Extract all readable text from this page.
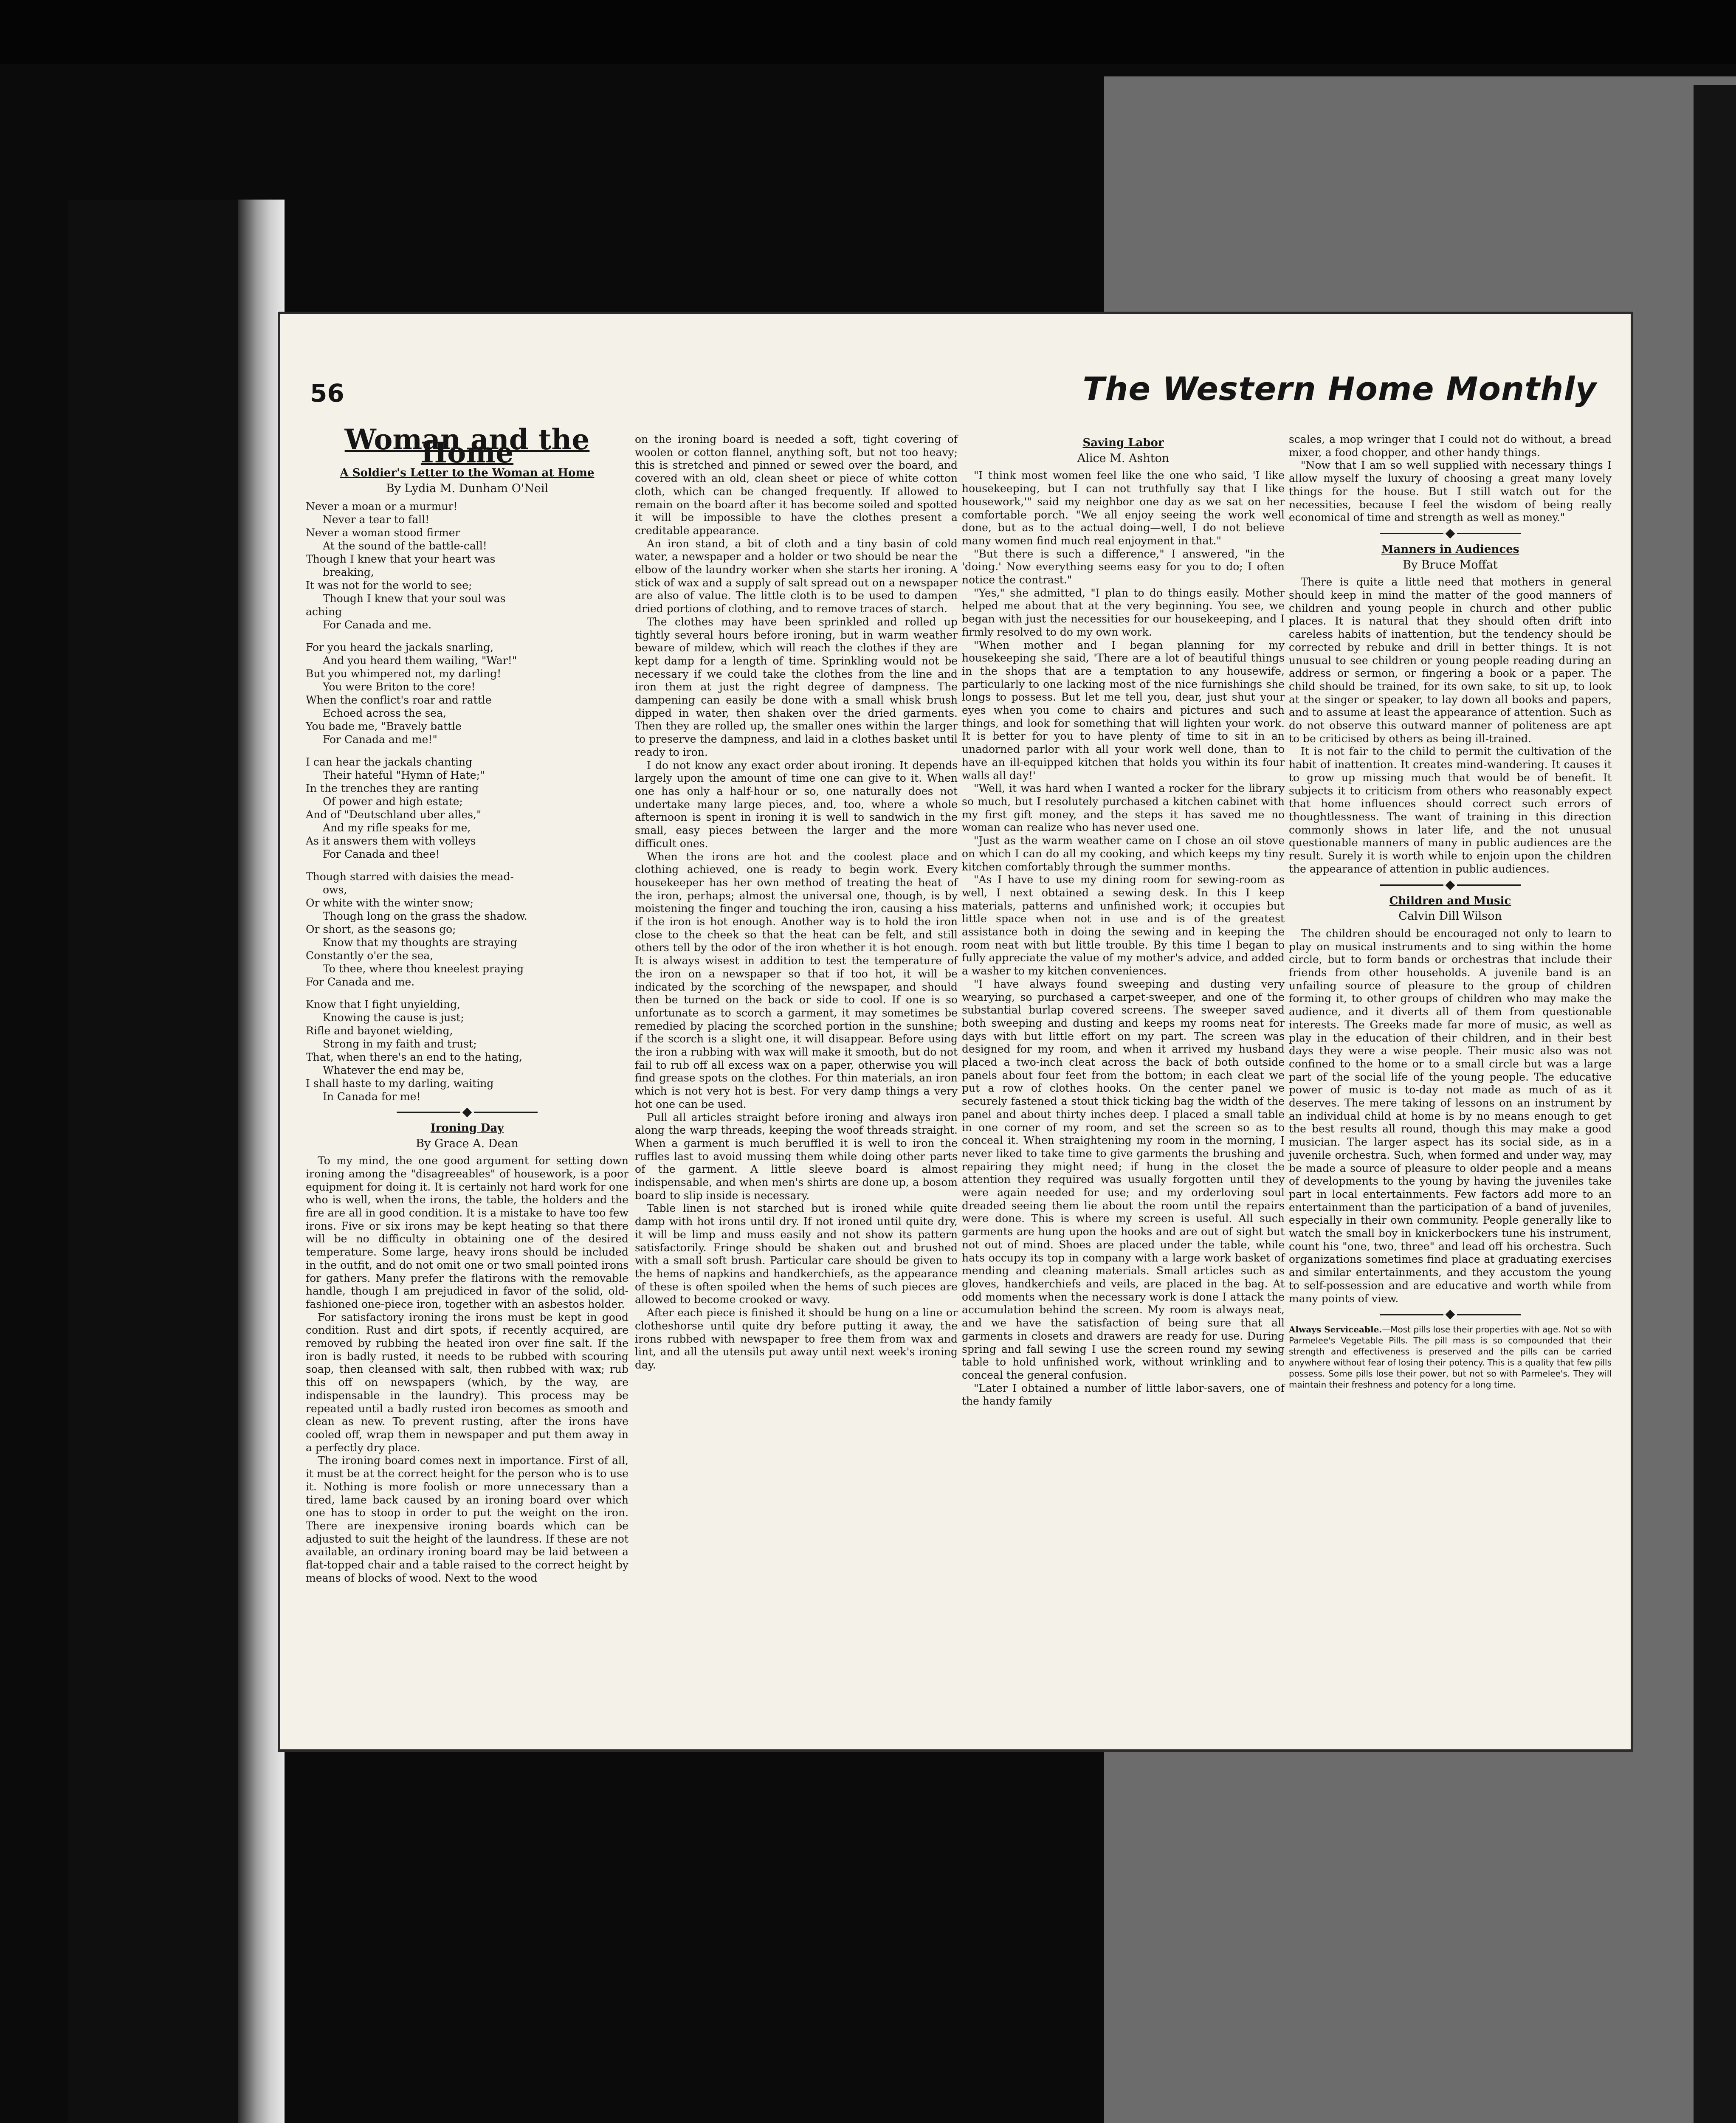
56	The Western Home Monthly
Woman and the Home
A Soldier's Letter to the Woman at Home
By Lydia M. Dunham O'Neil
Never a moan or a murmur!
Never a tear to fall!
Never a woman stood firmer
At the sound of the battle-call!
Though I knew that your heart was
breaking,
It was not for the world to see;
Though I knew that your soul was
aching
For Canada and me.
For you heard the jackals snarling,
And you heard them wailing, "War!"
But you whimpered not, my darling!
You were Briton to the core!
When the conflict's roar and rattle
Echoed across the sea,
You bade me, "Bravely battle
For Canada and me!"
I can hear the jackals chanting
Their hateful "Hymn of Hate;"
In the trenches they are ranting
Of power and high estate;
And of "Deutschland uber alles,"
And my rifle speaks for me,
As it answers them with volleys
For Canada and thee!
Though starred with daisies the mead-
ows,
Or white with the winter snow;
Though long on the grass the shadow.
Or short, as the seasons go;
Know that my thoughts are straying
Constantly o'er the sea,
To thee, where thou kneelest praying
For Canada and me.
Know that I fight unyielding,
Knowing the cause is just;
Rifle and bayonet wielding,
Strong in my faith and trust;
That, when there's an end to the hating,
Whatever the end may be,
I shall haste to my darling, waiting
In Canada for me!
Ironing Day
By Grace A. Dean

To my mind, the one good argument for setting down ironing among the "disagreeables" of housework, is a poor equipment for doing it. It is certainly not hard work for one who is well, when the irons, the table, the holders and the fire are all in good condition. It is a mistake to have too few irons. Five or six irons may be kept heating so that there will be no difficulty in obtaining one of the desired temperature. Some large, heavy irons should be included in the outfit, and do not omit one or two small pointed irons for gathers. Many prefer the flatirons with the removable handle, though I am prejudiced in favor of the solid, old-fashioned one-piece iron, together with an asbestos holder.

For satisfactory ironing the irons must be kept in good condition. Rust and dirt spots, if recently acquired, are removed by rubbing the heated iron over fine salt. If the iron is badly rusted, it needs to be rubbed with scouring soap, then cleansed with salt, then rubbed with wax; rub this off on newspapers (which, by the way, are indispensable in the laundry). This process may be repeated until a badly rusted iron becomes as smooth and clean as new. To prevent rusting, after the irons have cooled off, wrap them in newspaper and put them away in a perfectly dry place.

The ironing board comes next in importance. First of all, it must be at the correct height for the person who is to use it. Nothing is more foolish or more unnecessary than a tired, lame back caused by an ironing board over which one has to stoop in order to put the weight on the iron. There are inexpensive ironing boards which can be adjusted to suit the height of the laundress. If these are not available, an ordinary ironing board may be laid between a flat-topped chair and a table raised to the correct height by means of blocks of wood. Next to the wood

on the ironing board is needed a soft, tight covering of woolen or cotton flannel, anything soft, but not too heavy; this is stretched and pinned or sewed over the board, and covered with an old, clean sheet or piece of white cotton cloth, which can be changed frequently. If allowed to remain on the board after it has become soiled and spotted it will be impossible to have the clothes present a creditable appearance.

An iron stand, a bit of cloth and a tiny basin of cold water, a newspaper and a holder or two should be near the elbow of the laundry worker when she starts her ironing. A stick of wax and a supply of salt spread out on a newspaper are also of value. The little cloth is to be used to dampen dried portions of clothing, and to remove traces of starch.

The clothes may have been sprinkled and rolled up tightly several hours before ironing, but in warm weather beware of mildew, which will reach the clothes if they are kept damp for a length of time. Sprinkling would not be necessary if we could take the clothes from the line and iron them at just the right degree of dampness. The dampening can easily be done with a small whisk brush dipped in water, then shaken over the dried garments. Then they are rolled up, the smaller ones within the larger to preserve the dampness, and laid in a clothes basket until ready to iron.

I do not know any exact order about ironing. It depends largely upon the amount of time one can give to it. When one has only a half-hour or so, one naturally does not undertake many large pieces, and, too, where a whole afternoon is spent in ironing it is well to sandwich in the small, easy pieces between the larger and the more difficult ones.

When the irons are hot and the coolest place and clothing achieved, one is ready to begin work. Every housekeeper has her own method of treating the heat of the iron, perhaps; almost the universal one, though, is by moistening the finger and touching the iron, causing a hiss if the iron is hot enough. Another way is to hold the iron close to the cheek so that the heat can be felt, and still others tell by the odor of the iron whether it is hot enough. It is always wisest in addition to test the temperature of the iron on a newspaper so that if too hot, it will be indicated by the scorching of the newspaper, and should then be turned on the back or side to cool. If one is so unfortunate as to scorch a garment, it may sometimes be remedied by placing the scorched portion in the sunshine; if the scorch is a slight one, it will disappear. Before using the iron a rubbing with wax will make it smooth, but do not fail to rub off all excess wax on a paper, otherwise you will find grease spots on the clothes. For thin materials, an iron which is not very hot is best. For very damp things a very hot one can be used.

Pull all articles straight before ironing and always iron along the warp threads, keeping the woof threads straight. When a garment is much beruffled it is well to iron the ruffles last to avoid mussing them while doing other parts of the garment. A little sleeve board is almost indispensable, and when men's shirts are done up, a bosom board to slip inside is necessary.

Table linen is not starched but is ironed while quite damp with hot irons until dry. If not ironed until quite dry, it will be limp and muss easily and not show its pattern satisfactorily. Fringe should be shaken out and brushed with a small soft brush. Particular care should be given to the hems of napkins and handkerchiefs, as the appearance of these is often spoiled when the hems of such pieces are allowed to become crooked or wavy.

After each piece is finished it should be hung on a line or clotheshorse until quite dry before putting it away, the irons rubbed with newspaper to free them from wax and lint, and all the utensils put away until next week's ironing day.

Saving Labor
Alice M. Ashton

"I think most women feel like the one who said, 'I like housekeeping, but I can not truthfully say that I like housework,'" said my neighbor one day as we sat on her comfortable porch. "We all enjoy seeing the work well done, but as to the actual doing—well, I do not believe many women find much real enjoyment in that."

"But there is such a difference," I answered, "in the 'doing.' Now everything seems easy for you to do; I often notice the contrast."

"Yes," she admitted, "I plan to do things easily. Mother helped me about that at the very beginning. You see, we began with just the necessities for our housekeeping, and I firmly resolved to do my own work.

"When mother and I began planning for my housekeeping she said, 'There are a lot of beautiful things in the shops that are a temptation to any housewife, particularly to one lacking most of the nice furnishings she longs to possess. But let me tell you, dear, just shut your eyes when you come to chairs and pictures and such things, and look for something that will lighten your work. It is better for you to have plenty of time to sit in an unadorned parlor with all your work well done, than to have an ill-equipped kitchen that holds you within its four walls all day!'

"Well, it was hard when I wanted a rocker for the library so much, but I resolutely purchased a kitchen cabinet with my first gift money, and the steps it has saved me no woman can realize who has never used one.

"Just as the warm weather came on I chose an oil stove on which I can do all my cooking, and which keeps my tiny kitchen comfortably through the summer months.

"As I have to use my dining room for sewing-room as well, I next obtained a sewing desk. In this I keep materials, patterns and unfinished work; it occupies but little space when not in use and is of the greatest assistance both in doing the sewing and in keeping the room neat with but little trouble. By this time I began to fully appreciate the value of my mother's advice, and added a washer to my kitchen conveniences.

"I have always found sweeping and dusting very wearying, so purchased a carpet-sweeper, and one of the substantial burlap covered screens. The sweeper saved both sweeping and dusting and keeps my rooms neat for days with but little effort on my part. The screen was designed for my room, and when it arrived my husband placed a two-inch cleat across the back of both outside panels about four feet from the bottom; in each cleat we put a row of clothes hooks. On the center panel we securely fastened a stout thick ticking bag the width of the panel and about thirty inches deep. I placed a small table in one corner of my room, and set the screen so as to conceal it. When straightening my room in the morning, I never liked to take time to give garments the brushing and repairing they might need; if hung in the closet the attention they required was usually forgotten until they were again needed for use; and my orderloving soul dreaded seeing them lie about the room until the repairs were done. This is where my screen is useful. All such garments are hung upon the hooks and are out of sight but not out of mind. Shoes are placed under the table, while hats occupy its top in company with a large work basket of mending and cleaning materials. Small articles such as gloves, handkerchiefs and veils, are placed in the bag. At odd moments when the necessary work is done I attack the accumulation behind the screen. My room is always neat, and we have the satisfaction of being sure that all garments in closets and drawers are ready for use. During spring and fall sewing I use the screen round my sewing table to hold unfinished work, without wrinkling and to conceal the general confusion.

"Later I obtained a number of little labor-savers, one of the handy family

scales, a mop wringer that I could not do without, a bread mixer, a food chopper, and other handy things.

"Now that I am so well supplied with necessary things I allow myself the luxury of choosing a great many lovely things for the house. But I still watch out for the necessities, because I feel the wisdom of being really economical of time and strength as well as money."

Manners in Audiences
By Bruce Moffat

There is quite a little need that mothers in general should keep in mind the matter of the good manners of children and young people in church and other public places. It is natural that they should often drift into careless habits of inattention, but the tendency should be corrected by rebuke and drill in better things. It is not unusual to see children or young people reading during an address or sermon, or fingering a book or a paper. The child should be trained, for its own sake, to sit up, to look at the singer or speaker, to lay down all books and papers, and to assume at least the appearance of attention. Such as do not observe this outward manner of politeness are apt to be criticised by others as being ill-trained.

It is not fair to the child to permit the cultivation of the habit of inattention. It creates mind-wandering. It causes it to grow up missing much that would be of benefit. It subjects it to criticism from others who reasonably expect that home influences should correct such errors of thoughtlessness. The want of training in this direction commonly shows in later life, and the not unusual questionable manners of many in public audiences are the result. Surely it is worth while to enjoin upon the children the appearance of attention in public audiences.

Children and Music
Calvin Dill Wilson

The children should be encouraged not only to learn to play on musical instruments and to sing within the home circle, but to form bands or orchestras that include their friends from other households. A juvenile band is an unfailing source of pleasure to the group of children forming it, to other groups of children who may make the audience, and it diverts all of them from questionable interests. The Greeks made far more of music, as well as play in the education of their children, and in their best days they were a wise people. Their music also was not confined to the home or to a small circle but was a large part of the social life of the young people. The educative power of music is to-day not made as much of as it deserves. The mere taking of lessons on an instrument by an individual child at home is by no means enough to get the best results all round, though this may make a good musician. The larger aspect has its social side, as in a juvenile orchestra. Such, when formed and under way, may be made a source of pleasure to older people and a means of developments to the young by having the juveniles take part in local entertainments. Few factors add more to an entertainment than the participation of a band of juveniles, especially in their own community. People generally like to watch the small boy in knickerbockers tune his instrument, count his "one, two, three" and lead off his orchestra. Such organizations sometimes find place at graduating exercises and similar entertainments, and they accustom the young to self-possession and are educative and worth while from many points of view.

Always Serviceable.—Most pills lose their properties with age. Not so with Parmelee's Vegetable Pills. The pill mass is so compounded that their strength and effectiveness is preserved and the pills can be carried anywhere without fear of losing their potency. This is a quality that few pills possess. Some pills lose their power, but not so with Parmelee's. They will maintain their freshness and potency for a long time.
